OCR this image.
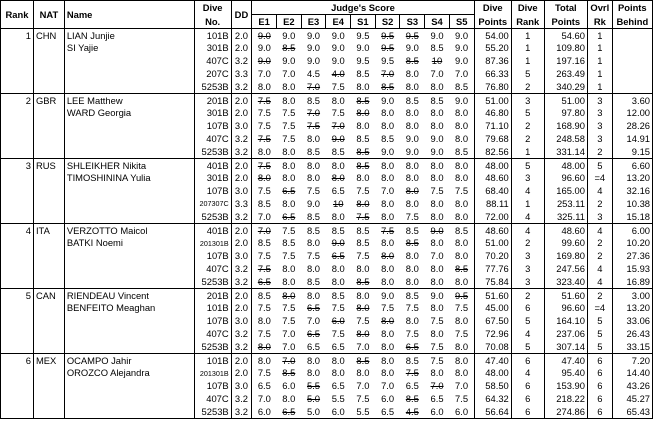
Rank	NAT	Name	Dive	DD	Judge's Score									Dive	Dive	Total	Ovrl	Points
			No.		E1	E2	E3	E4	S1	S2	S3	S4	S5	Points	Rank	Points	Rk	Behind
1	CHN	LIAN Junjie	101B	2.0	9.0	9.0	9.0	9.0	9.5	9.5	9.5	9.0	9.0	54.00	1	54.60	1	
		SI Yajie	301B	2.0	9.0	8.5	9.0	9.0	9.0	9.5	9.0	8.5	9.0	55.20	1	109.80	1	
			407C	3.2	9.0	9.0	9.0	9.0	9.5	9.5	8.5	10	9.0	87.36	1	197.16	1	
			207C	3.3	7.0	7.0	4.5	4.0	8.5	7.0	8.0	7.0	7.0	66.33	5	263.49	1	
			5253B	3.2	8.0	8.0	7.0	7.5	8.0	8.5	8.0	8.0	8.5	76.80	2	340.29	1	
2	GBR	LEE Matthew	201B	2.0	7.5	8.0	8.5	8.0	8.5	9.0	8.5	8.5	9.0	51.00	3	51.00	3	3.60
		WARD Georgia	301B	2.0	7.5	7.5	7.0	7.5	8.0	8.0	8.0	8.0	8.0	46.80	5	97.80	3	12.00
			107B	3.0	7.5	7.5	7.5	7.0	8.0	8.0	8.0	8.0	8.0	71.10	2	168.90	3	28.26
			407C	3.2	7.5	7.5	8.0	9.0	8.5	8.5	9.0	9.0	8.0	79.68	2	248.58	3	14.91
			5253B	3.2	8.0	8.0	8.5	8.5	8.5	9.0	9.0	9.0	8.5	82.56	1	331.14	2	9.15
3	RUS	SHLEIKHER Nikita	401B	2.0	7.5	8.0	8.0	8.0	8.5	8.0	8.0	8.0	8.0	48.00	5	48.00	5	6.60
		TIMOSHININA Yulia	301B	2.0	8.0	8.0	8.0	8.0	8.0	8.0	8.0	8.0	8.0	48.60	3	96.60	=4	13.20
			107B	3.0	7.5	6.5	7.5	6.5	7.5	7.0	8.0	7.5	7.5	68.40	4	165.00	4	32.16
			207307C	3.3	8.5	8.0	9.0	10	8.0	8.0	8.0	8.0	8.0	88.11	1	253.11	2	10.38
			5253B	3.2	7.0	6.5	8.5	8.0	7.5	8.0	7.5	8.0	8.0	72.00	4	325.11	3	15.18
4	ITA	VERZOTTO Maicol	401B	2.0	7.0	7.5	8.5	8.5	8.5	7.5	8.5	9.0	8.5	48.60	4	48.60	4	6.00
		BATKI Noemi	201301B	2.0	8.5	8.5	8.0	9.0	8.5	8.0	8.5	8.0	8.0	51.00	2	99.60	2	10.20
			107B	3.0	7.5	7.5	7.5	6.5	7.5	8.0	8.0	7.0	8.0	70.20	3	169.80	2	27.36
			407C	3.2	7.5	8.0	8.0	8.0	8.0	8.0	8.0	8.0	8.5	77.76	3	247.56	4	15.93
			5253B	3.2	6.5	8.0	8.5	8.0	8.5	8.0	8.0	8.0	8.0	75.84	3	323.40	4	16.89
5	CAN	RIENDEAU Vincent	201B	2.0	8.5	8.0	8.0	8.5	8.0	9.0	8.5	9.0	9.5	51.60	2	51.60	2	3.00
		BENFEITO Meaghan	101B	2.0	7.5	7.5	6.5	7.5	8.0	7.5	7.5	8.0	7.5	45.00	6	96.60	=4	13.20
			107B	3.0	8.0	7.5	7.0	6.0	7.5	8.0	8.0	7.5	8.0	67.50	5	164.10	5	33.06
			407C	3.2	7.5	7.0	6.5	7.5	8.0	8.0	7.5	8.0	7.5	72.96	4	237.06	5	26.43
			5253B	3.2	8.0	7.0	6.5	6.5	7.0	8.0	6.5	7.5	8.0	70.08	5	307.14	5	33.15
6	MEX	OCAMPO Jahir	101B	2.0	8.0	7.0	8.0	8.0	8.5	8.0	8.5	7.5	8.0	47.40	6	47.40	6	7.20
		OROZCO Alejandra	201301B	2.0	7.5	8.5	8.0	8.0	8.0	8.0	7.5	8.0	8.0	48.00	4	95.40	6	14.40
			107B	3.0	6.5	6.0	5.5	6.5	7.0	7.0	6.5	7.0	7.0	58.50	6	153.90	6	43.26
			407C	3.2	7.0	8.0	5.0	5.5	7.5	6.0	8.5	6.5	7.5	64.32	6	218.22	6	45.27
			5253B	3.2	6.0	6.5	5.0	6.0	5.5	6.5	4.5	6.0	6.0	56.64	6	274.86	6	65.43
